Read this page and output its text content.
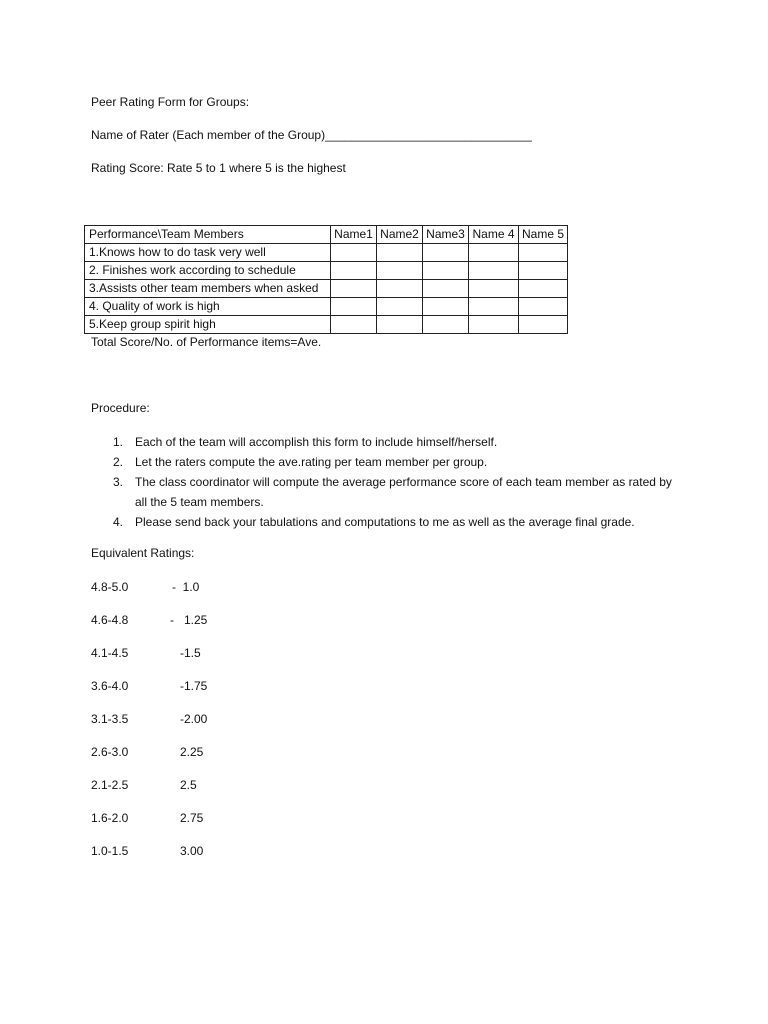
Peer Rating Form for Groups:
Name of Rater (Each member of the Group)_______________________________
Rating Score: Rate 5 to 1 where 5 is the highest
Performance\Team Members	Name1	Name2	Name3	Name 4	Name 5
1.Knows how to do task very well					
2. Finishes work according to schedule					
3.Assists other team members when asked					
4. Quality of work is high					
5.Keep group spirit high					
Total Score/No. of Performance items=Ave.
Procedure:
1. Each of the team will accomplish this form to include himself/herself.
2. Let the raters compute the ave.rating per team member per group.
3. The class coordinator will compute the average performance score of each team member as rated by all the 5 team members.
4. Please send back your tabulations and computations to me as well as the average final grade.
Equivalent Ratings:
4.8-5.0	-  1.0
4.6-4.8	-   1.25
4.1-4.5	-1.5
3.6-4.0	-1.75
3.1-3.5	-2.00
2.6-3.0	2.25
2.1-2.5	2.5
1.6-2.0	2.75
1.0-1.5	3.00
